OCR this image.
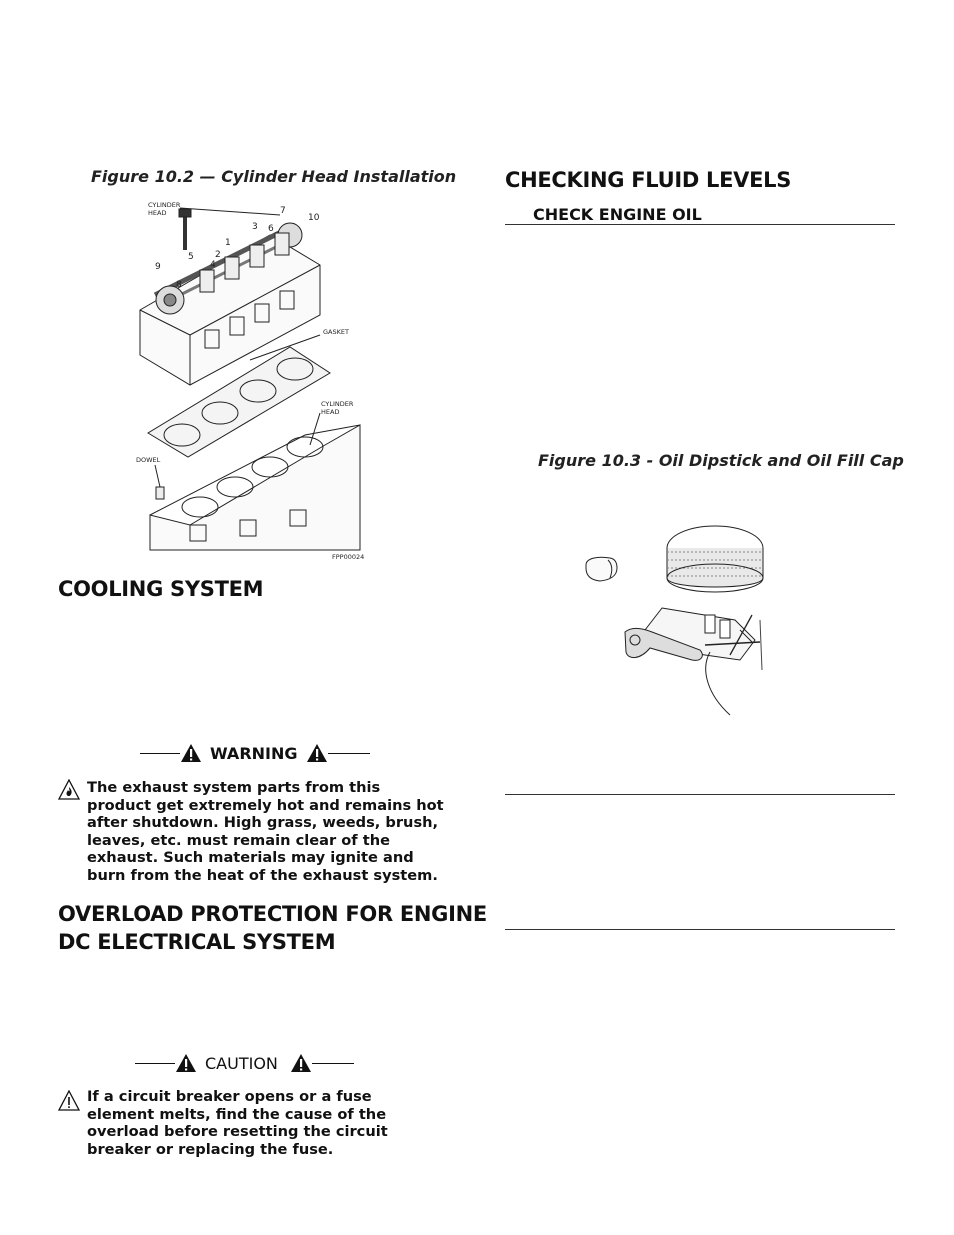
Figure 10.2 — Cylinder Head Installation
1
2
3
4
5
6
7
8
9
10
CYLINDER HEAD
GASKET
CYLINDER HEAD
DOWEL
FPP00024
COOLING SYSTEM
WARNING
The exhaust system parts from this product get extremely hot and remains hot after shutdown. High grass, weeds, brush, leaves, etc. must remain clear of the exhaust. Such materials may ignite and burn from the heat of the exhaust system.
OVERLOAD PROTECTION FOR ENGINE
DC ELECTRICAL SYSTEM
CAUTION
If a circuit breaker opens or a fuse element melts, find the cause of the overload before resetting the circuit breaker or replacing the fuse.
CHECKING FLUID LEVELS
CHECK ENGINE OIL
Figure 10.3 - Oil Dipstick and Oil Fill Cap
